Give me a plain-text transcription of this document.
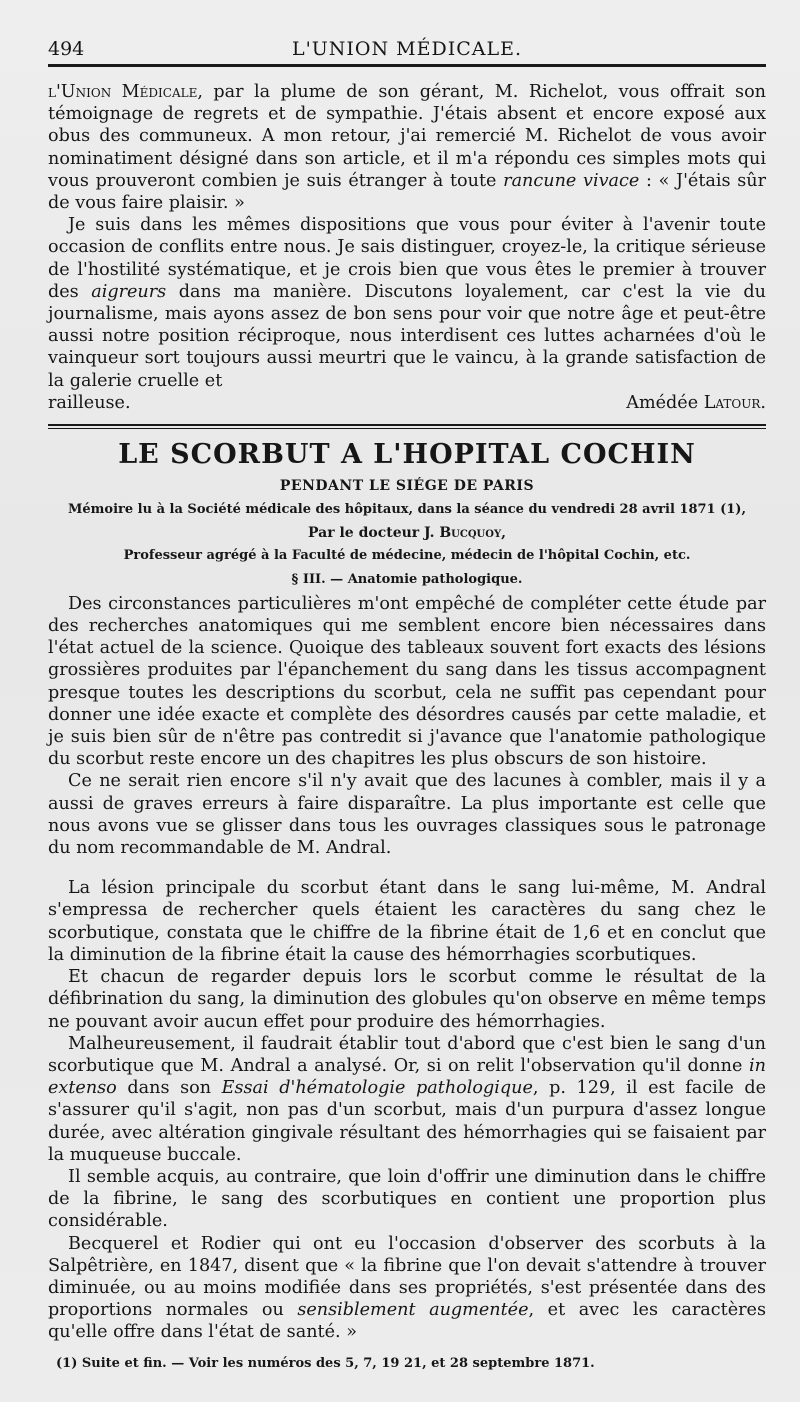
494	L'UNION MÉDICALE.

l'Union Médicale, par la plume de son gérant, M. Richelot, vous offrait son témoignage de regrets et de sympathie. J'étais absent et encore exposé aux obus des communeux. A mon retour, j'ai remercié M. Richelot de vous avoir nominatiment désigné dans son article, et il m'a répondu ces simples mots qui vous prouveront combien je suis étranger à toute rancune vivace : « J'étais sûr de vous faire plaisir. »

Je suis dans les mêmes dispositions que vous pour éviter à l'avenir toute occasion de conflits entre nous. Je sais distinguer, croyez-le, la critique sérieuse de l'hostilité systématique, et je crois bien que vous êtes le premier à trouver des aigreurs dans ma manière. Discutons loyalement, car c'est la vie du journalisme, mais ayons assez de bon sens pour voir que notre âge et peut-être aussi notre position réciproque, nous interdisent ces luttes acharnées d'où le vainqueur sort toujours aussi meurtri que le vaincu, à la grande satisfaction de la galerie cruelle et

railleuse.	Amédée Latour.
LE SCORBUT A L'HOPITAL COCHIN
PENDANT LE SIÉGE DE PARIS
Mémoire lu à la Société médicale des hôpitaux, dans la séance du vendredi 28 avril 1871 (1),
Par le docteur J. Bucquoy,
Professeur agrégé à la Faculté de médecine, médecin de l'hôpital Cochin, etc.
§ III. — Anatomie pathologique.

Des circonstances particulières m'ont empêché de compléter cette étude par des recherches anatomiques qui me semblent encore bien nécessaires dans l'état actuel de la science. Quoique des tableaux souvent fort exacts des lésions grossières produites par l'épanchement du sang dans les tissus accompagnent presque toutes les descriptions du scorbut, cela ne suffit pas cependant pour donner une idée exacte et complète des désordres causés par cette maladie, et je suis bien sûr de n'être pas contredit si j'avance que l'anatomie pathologique du scorbut reste encore un des chapitres les plus obscurs de son histoire.

Ce ne serait rien encore s'il n'y avait que des lacunes à combler, mais il y a aussi de graves erreurs à faire disparaître. La plus importante est celle que nous avons vue se glisser dans tous les ouvrages classiques sous le patronage du nom recommandable de M. Andral.

La lésion principale du scorbut étant dans le sang lui-même, M. Andral s'empressa de rechercher quels étaient les caractères du sang chez le scorbutique, constata que le chiffre de la fibrine était de 1,6 et en conclut que la diminution de la fibrine était la cause des hémorrhagies scorbutiques.

Et chacun de regarder depuis lors le scorbut comme le résultat de la défibrination du sang, la diminution des globules qu'on observe en même temps ne pouvant avoir aucun effet pour produire des hémorrhagies.

Malheureusement, il faudrait établir tout d'abord que c'est bien le sang d'un scorbutique que M. Andral a analysé. Or, si on relit l'observation qu'il donne in extenso dans son Essai d'hématologie pathologique, p. 129, il est facile de s'assurer qu'il s'agit, non pas d'un scorbut, mais d'un purpura d'assez longue durée, avec altération gingivale résultant des hémorrhagies qui se faisaient par la muqueuse buccale.

Il semble acquis, au contraire, que loin d'offrir une diminution dans le chiffre de la fibrine, le sang des scorbutiques en contient une proportion plus considérable.

Becquerel et Rodier qui ont eu l'occasion d'observer des scorbuts à la Salpêtrière, en 1847, disent que « la fibrine que l'on devait s'attendre à trouver diminuée, ou au moins modifiée dans ses propriétés, s'est présentée dans des proportions normales ou sensiblement augmentée, et avec les caractères qu'elle offre dans l'état de santé. »

(1) Suite et fin. — Voir les numéros des 5, 7, 19 21, et 28 septembre 1871.
